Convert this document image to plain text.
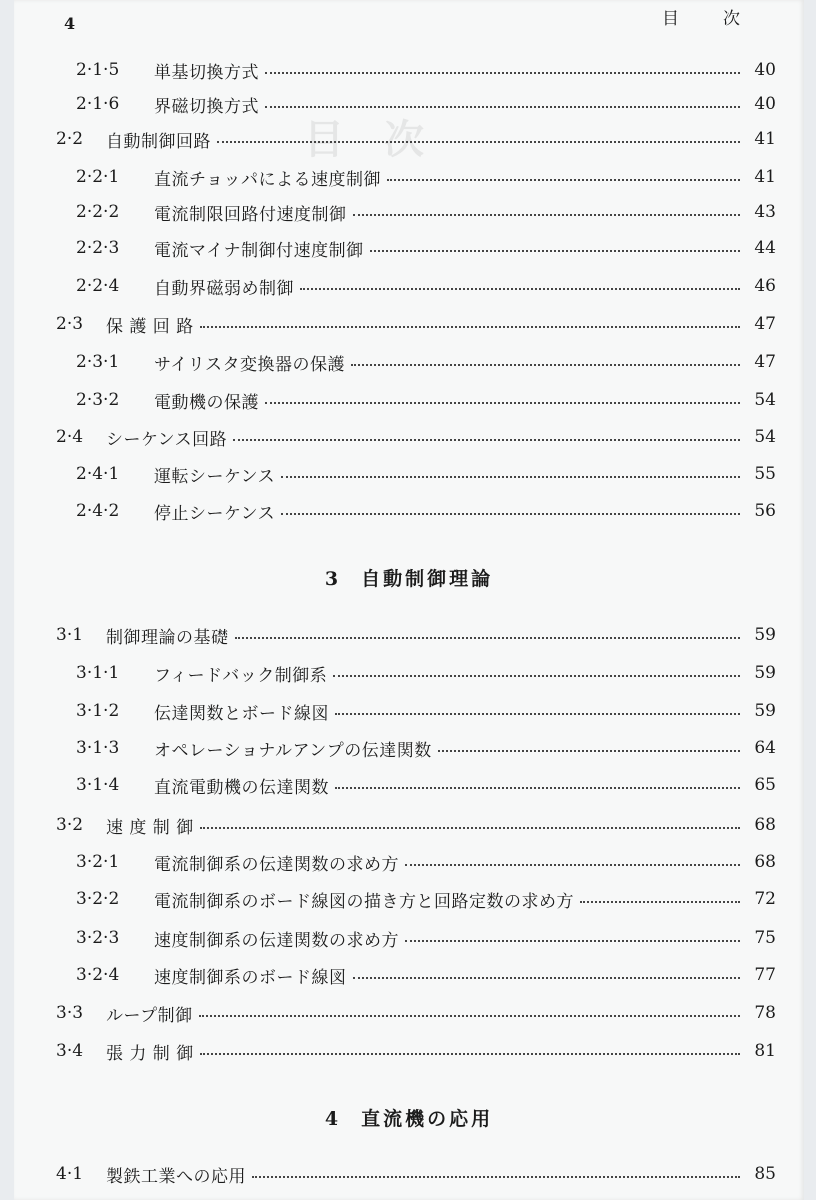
目　次
4	目次
2·1·5	単基切換方式	40
2·1·6	界磁切換方式	40
2·2	自動制御回路	41
2·2·1	直流チョッパによる速度制御	41
2·2·2	電流制限回路付速度制御	43
2·2·3	電流マイナ制御付速度制御	44
2·2·4	自動界磁弱め制御	46
2·3	保 護 回 路	47
2·3·1	サイリスタ変換器の保護	47
2·3·2	電動機の保護	54
2·4	シーケンス回路	54
2·4·1	運転シーケンス	55
2·4·2	停止シーケンス	56
3 自動制御理論
3·1	制御理論の基礎	59
3·1·1	フィードバック制御系	59
3·1·2	伝達関数とボード線図	59
3·1·3	オペレーショナルアンプの伝達関数	64
3·1·4	直流電動機の伝達関数	65
3·2	速 度 制 御	68
3·2·1	電流制御系の伝達関数の求め方	68
3·2·2	電流制御系のボード線図の描き方と回路定数の求め方	72
3·2·3	速度制御系の伝達関数の求め方	75
3·2·4	速度制御系のボード線図	77
3·3	ループ制御	78
3·4	張 力 制 御	81
4 直流機の応用
4·1	製鉄工業への応用	85
